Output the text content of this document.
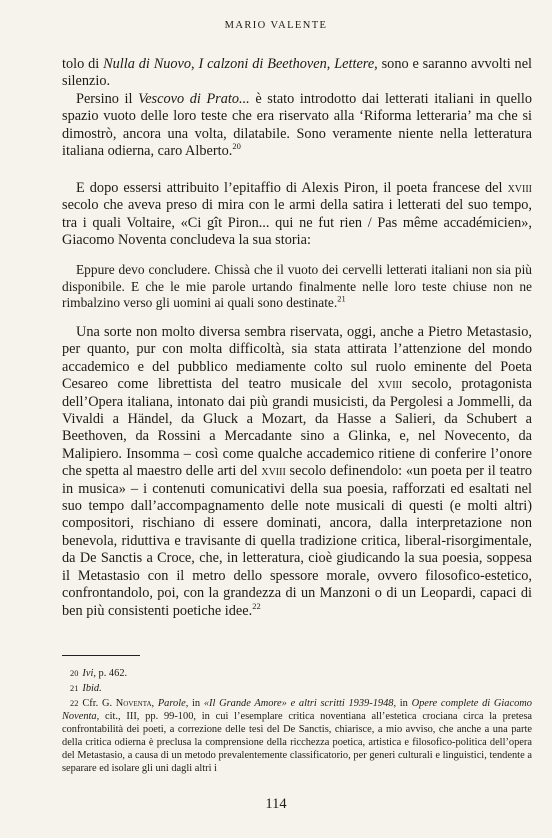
MARIO VALENTE

tolo di Nulla di Nuovo, I calzoni di Beethoven, Lettere, sono e saranno avvolti nel silenzio.

Persino il Vescovo di Prato... è stato introdotto dai letterati italiani in quello spazio vuoto delle loro teste che era riservato alla ‘Riforma letteraria’ ma che si dimostrò, ancora una volta, dilatabile. Sono veramente niente nella letteratura italiana odierna, caro Alberto.$^{20}$

E dopo essersi attribuito l’epitaffio di Alexis Piron, il poeta francese del xviii secolo che aveva preso di mira con le armi della satira i letterati del suo tempo, tra i quali Voltaire, «Ci gît Piron... qui ne fut rien / Pas même accadémicien», Giacomo Noventa concludeva la sua storia:

Eppure devo concludere. Chissà che il vuoto dei cervelli letterati italiani non sia più disponibile. E che le mie parole urtando finalmente nelle loro teste chiuse non ne rimbalzino verso gli uomini ai quali sono destinate.$^{21}$

Una sorte non molto diversa sembra riservata, oggi, anche a Pietro Metastasio, per quanto, pur con molta difficoltà, sia stata attirata l’attenzione del mondo accademico e del pubblico mediamente colto sul ruolo eminente del Poeta Cesareo come librettista del teatro musicale del xviii secolo, protagonista dell’Opera italiana, intonato dai più grandi musicisti, da Pergolesi a Jommelli, da Vivaldi a Händel, da Gluck a Mozart, da Hasse a Salieri, da Schubert a Beethoven, da Rossini a Mercadante sino a Glinka, e, nel Novecento, da Malipiero. Insomma – così come qualche accademico ritiene di conferire l’onore che spetta al maestro delle arti del xviii secolo definendolo: «un poeta per il teatro in musica» – i contenuti comunicativi della sua poesia, rafforzati ed esaltati nel suo tempo dall’accompagnamento delle note musicali di questi (e molti altri) compositori, rischiano di essere dominati, ancora, dalla interpretazione non benevola, riduttiva e travisante di quella tradizione critica, liberal-risorgimentale, da De Sanctis a Croce, che, in letteratura, cioè giudicando la sua poesia, soppesa il Metastasio con il metro dello spessore morale, ovvero filosofico-estetico, confrontandolo, poi, con la grandezza di un Manzoni o di un Leopardi, capaci di ben più consistenti poetiche idee.$^{22}$

20 Ivi, p. 462.

21 Ibid.

22 Cfr. G. Noventa, Parole, in «Il Grande Amore» e altri scritti 1939-1948, in Opere complete di Giacomo Noventa, cit., III, pp. 99-100, in cui l’esemplare critica noventiana all’estetica crociana circa la pretesa confrontabilità dei poeti, a correzione delle tesi del De Sanctis, chiarisce, a mio avviso, che anche a una parte della critica odierna è preclusa la comprensione della ricchezza poetica, artistica e filosofico-politica dell’opera del Metastasio, a causa di un metodo prevalentemente classificatorio, per generi culturali e linguistici, tendente a separare ed isolare gli uni dagli altri i

114
